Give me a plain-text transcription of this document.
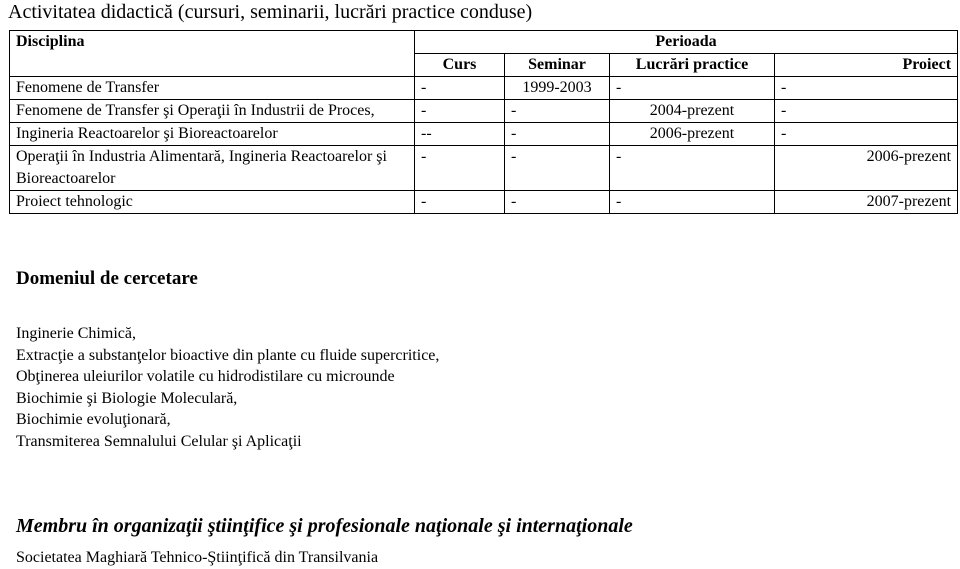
Activitatea didactică (cursuri, seminarii, lucrări practice conduse)
Disciplina	Perioada			
	Curs	Seminar	Lucrări practice	Proiect
Fenomene de Transfer	-	1999-2003	-	-
Fenomene de Transfer şi Operaţii în Industrii de Proces,	-	-	2004-prezent	-
Ingineria Reactoarelor şi Bioreactoarelor	--	-	2006-prezent	-
Operaţii în Industria Alimentară, Ingineria Reactoarelor şi Bioreactoarelor	-	-	-	2006-prezent
Proiect tehnologic	-	-	-	2007-prezent
Domeniul de cercetare
Inginerie Chimică,
Extracţie a substanţelor bioactive din plante cu fluide supercritice,
Obţinerea uleiurilor volatile cu hidrodistilare cu microunde
Biochimie şi Biologie Moleculară,
Biochimie evoluţionară,
Transmiterea Semnalului Celular şi Aplicaţii
Membru în organizaţii ştiinţifice şi profesionale naţionale şi internaţionale
Societatea Maghiară Tehnico-Ştiinţifică din Transilvania
